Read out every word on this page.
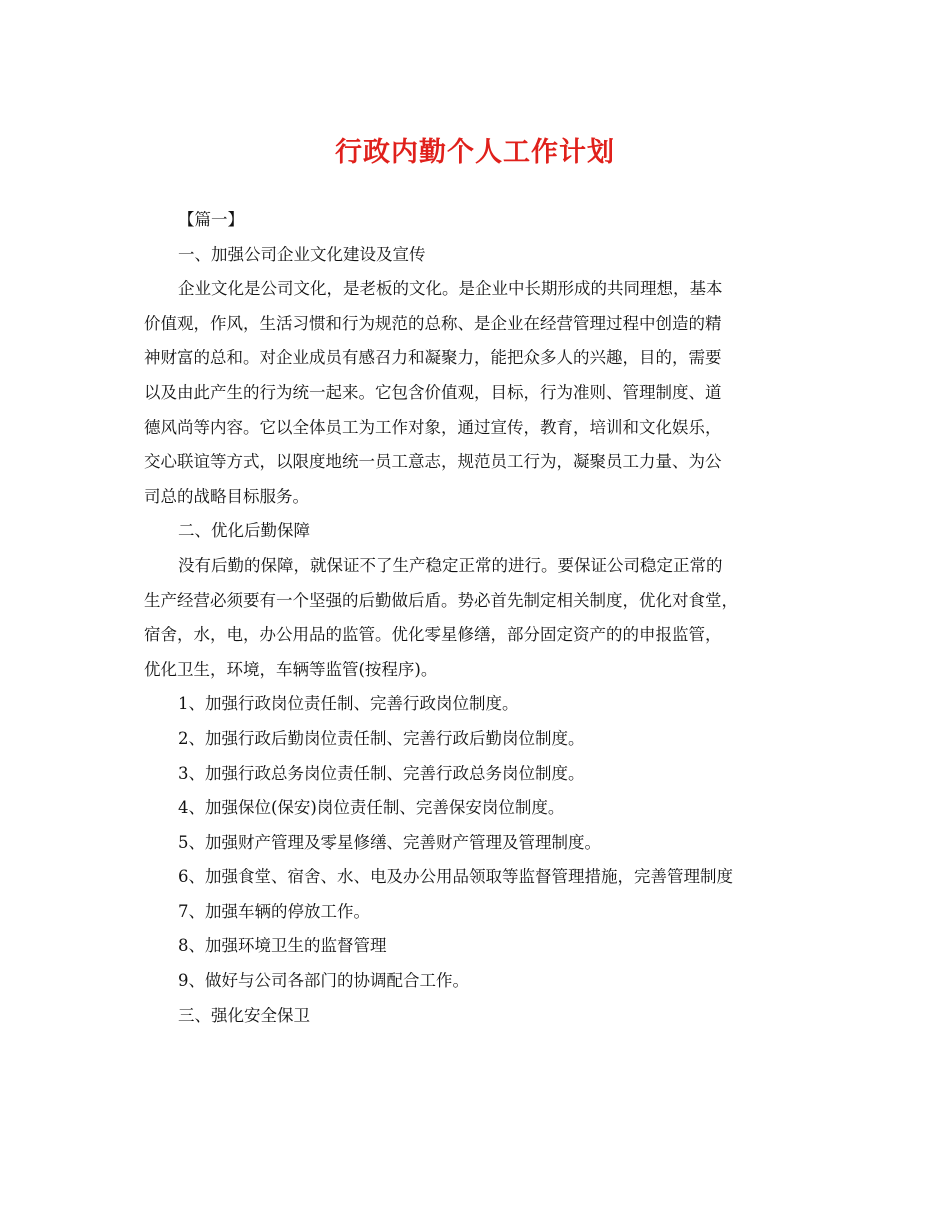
行政内勤个人工作计划

【篇一】

一、加强公司企业文化建设及宣传

企业文化是公司文化，是老板的文化。是企业中长期形成的共同理想，基本

价值观，作风，生活习惯和行为规范的总称、是企业在经营管理过程中创造的精

神财富的总和。对企业成员有感召力和凝聚力，能把众多人的兴趣，目的，需要

以及由此产生的行为统一起来。它包含价值观，目标，行为准则、管理制度、道

德风尚等内容。它以全体员工为工作对象，通过宣传，教育，培训和文化娱乐，

交心联谊等方式，以限度地统一员工意志，规范员工行为，凝聚员工力量、为公

司总的战略目标服务。

二、优化后勤保障

没有后勤的保障，就保证不了生产稳定正常的进行。要保证公司稳定正常的

生产经营必须要有一个坚强的后勤做后盾。势必首先制定相关制度，优化对食堂，

宿舍，水，电，办公用品的监管。优化零星修缮，部分固定资产的的申报监管，

优化卫生，环境，车辆等监管(按程序)。

1、加强行政岗位责任制、完善行政岗位制度。

2、加强行政后勤岗位责任制、完善行政后勤岗位制度。

3、加强行政总务岗位责任制、完善行政总务岗位制度。

4、加强保位(保安)岗位责任制、完善保安岗位制度。

5、加强财产管理及零星修缮、完善财产管理及管理制度。

6、加强食堂、宿舍、水、电及办公用品领取等监督管理措施，完善管理制度

7、加强车辆的停放工作。

8、加强环境卫生的监督管理

9、做好与公司各部门的协调配合工作。

三、强化安全保卫
